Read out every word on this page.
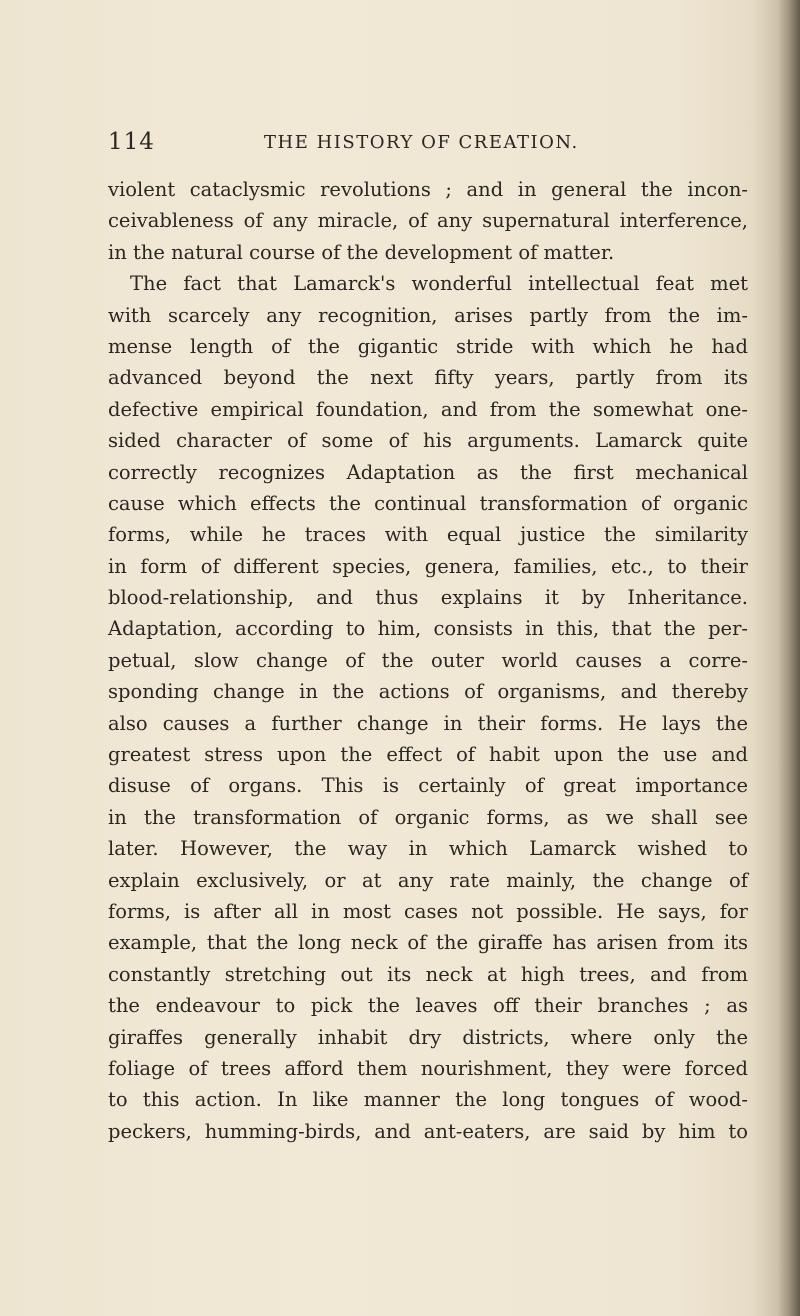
114	THE HISTORY OF CREATION.
violent cataclysmic revolutions ; and in general the incon-
ceivableness of any miracle, of any supernatural interference,
in the natural course of the development of matter.
The fact that Lamarck's wonderful intellectual feat met
with scarcely any recognition, arises partly from the im-
mense length of the gigantic stride with which he had
advanced beyond the next fifty years, partly from its
defective empirical foundation, and from the somewhat one-
sided character of some of his arguments. Lamarck quite
correctly recognizes Adaptation as the first mechanical
cause which effects the continual transformation of organic
forms, while he traces with equal justice the similarity
in form of different species, genera, families, etc., to their
blood-relationship, and thus explains it by Inheritance.
Adaptation, according to him, consists in this, that the per-
petual, slow change of the outer world causes a corre-
sponding change in the actions of organisms, and thereby
also causes a further change in their forms. He lays the
greatest stress upon the effect of habit upon the use and
disuse of organs. This is certainly of great importance
in the transformation of organic forms, as we shall see
later. However, the way in which Lamarck wished to
explain exclusively, or at any rate mainly, the change of
forms, is after all in most cases not possible. He says, for
example, that the long neck of the giraffe has arisen from its
constantly stretching out its neck at high trees, and from
the endeavour to pick the leaves off their branches ; as
giraffes generally inhabit dry districts, where only the
foliage of trees afford them nourishment, they were forced
to this action. In like manner the long tongues of wood-
peckers, humming-birds, and ant-eaters, are said by him to
